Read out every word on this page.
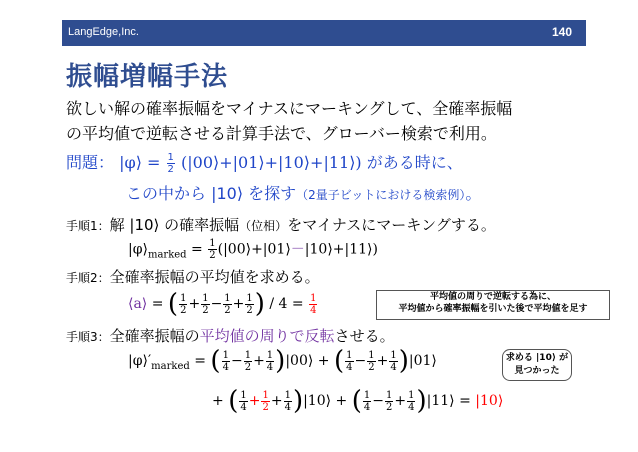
LangEdge,Inc.	140
振幅増幅手法
欲しい解の確率振幅をマイナスにマーキングして、全確率振幅
の平均値で逆転させる計算手法で、グローバー検索で利用。
問題： |φ⟩ = $\frac{1}{2}$ (|00⟩+|01⟩+|10⟩+|11⟩) がある時に、
この中から |10⟩ を探す（2量子ビットにおける検索例）。
手順1：解 |10⟩ の確率振幅（位相）をマイナスにマーキングする。
$|\varphi⟩_{marked} = \frac{1}{2}$ (|00⟩+|01⟩－|10⟩+|11⟩)
手順2：全確率振幅の平均値を求める。
⟨a⟩ = ( $\frac{1}{2} + \frac{1}{2} - \frac{1}{2} + \frac{1}{2}$ ) / $4 = \frac{1}{4}$	平均値の周りで逆転する為に、
平均値から確率振幅を引いた後で平均値を足す
手順3：全確率振幅の平均値の周りで反転させる。
$|\varphi⟩'_{marked}$ = ( $\frac{1}{4} - \frac{1}{2} + \frac{1}{4}$ )|00⟩ + ( $\frac{1}{4} - \frac{1}{2} + \frac{1}{4}$ )|01⟩
+ ( $\frac{1}{4} + \frac{1}{2} + \frac{1}{4}$ )|10⟩ + ( $\frac{1}{4} - \frac{1}{2} + \frac{1}{4}$ )|11⟩ = |10⟩
求める |10⟩ が
見つかった
